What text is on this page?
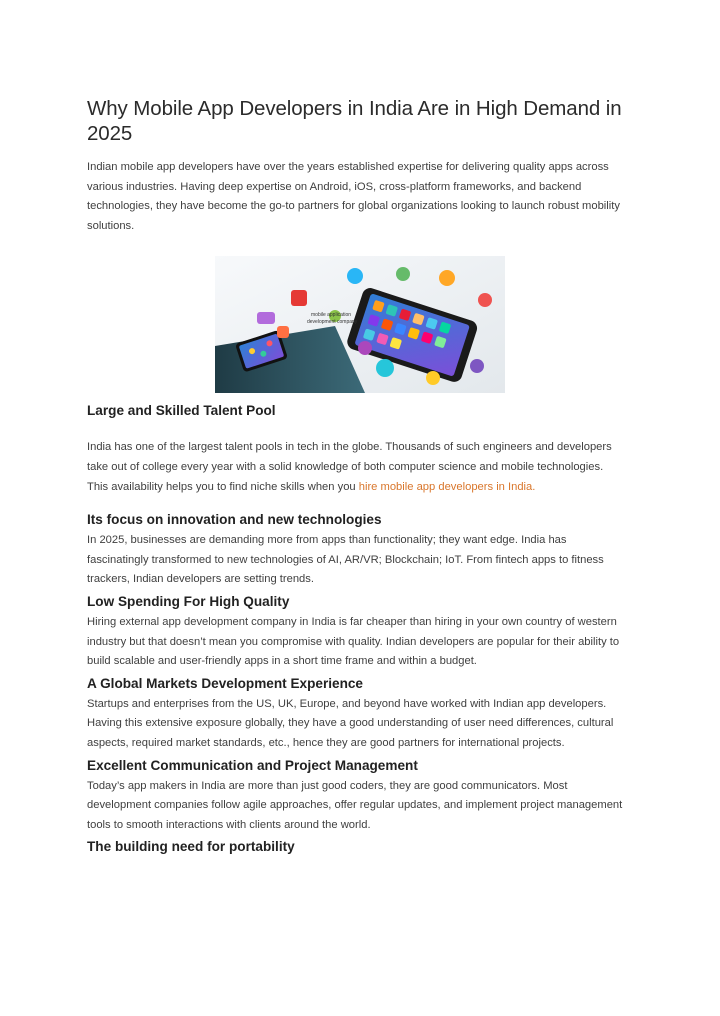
Why Mobile App Developers in India Are in High Demand in 2025

Indian mobile app developers have over the years established expertise for delivering quality apps across various industries. Having deep expertise on Android, iOS, cross-platform frameworks, and backend technologies, they have become the go-to partners for global organizations looking to launch robust mobility solutions.

mobile application development company
Large and Skilled Talent Pool

India has one of the largest talent pools in tech in the globe. Thousands of such engineers and developers take out of college every year with a solid knowledge of both computer science and mobile technologies. This availability helps you to find niche skills when you hire mobile app developers in India.

Its focus on innovation and new technologies

In 2025, businesses are demanding more from apps than functionality; they want edge. India has fascinatingly transformed to new technologies of AI, AR/VR; Blockchain; IoT. From fintech apps to fitness trackers, Indian developers are setting trends.

Low Spending For High Quality

Hiring external app development company in India is far cheaper than hiring in your own country of western industry but that doesn’t mean you compromise with quality. Indian developers are popular for their ability to build scalable and user-friendly apps in a short time frame and within a budget.

A Global Markets Development Experience

Startups and enterprises from the US, UK, Europe, and beyond have worked with Indian app developers. Having this extensive exposure globally, they have a good understanding of user need differences, cultural aspects, required market standards, etc., hence they are good partners for international projects.

Excellent Communication and Project Management

Today’s app makers in India are more than just good coders, they are good communicators. Most development companies follow agile approaches, offer regular updates, and implement project management tools to smooth interactions with clients around the world.

The building need for portability
